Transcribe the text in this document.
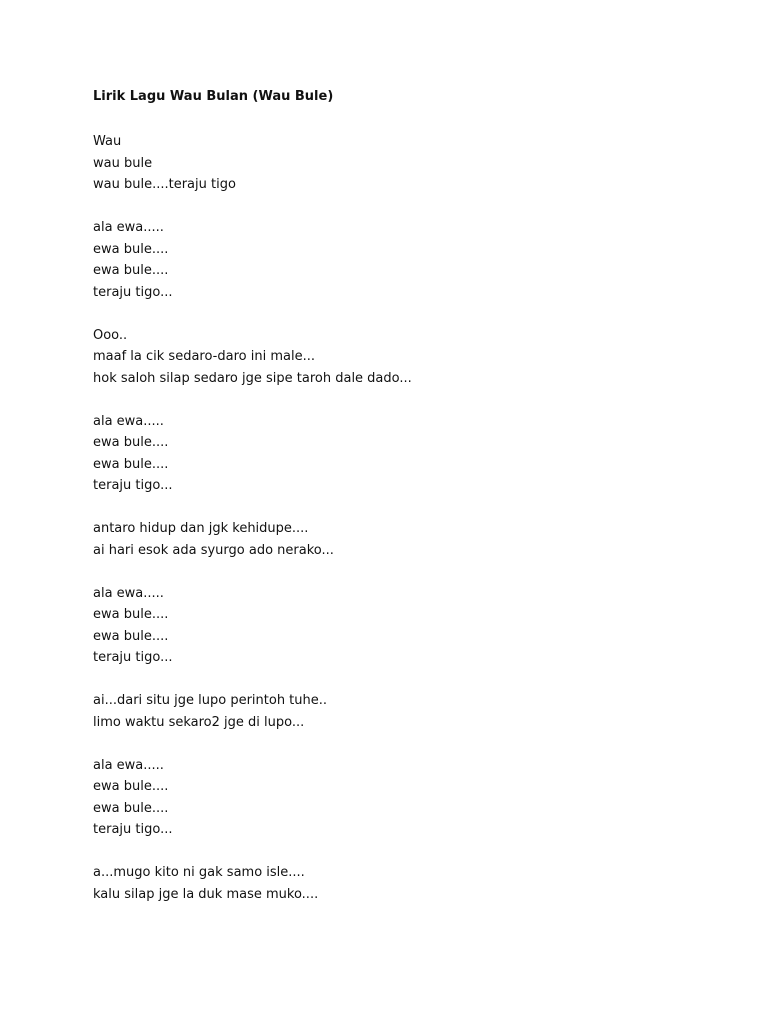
Lirik Lagu Wau Bulan (Wau Bule)
Wau
wau bule
wau bule....teraju tigo
ala ewa.....
ewa bule....
ewa bule....
teraju tigo...
Ooo..
maaf la cik sedaro-daro ini male...
hok saloh silap sedaro jge sipe taroh dale dado...
ala ewa.....
ewa bule....
ewa bule....
teraju tigo...
antaro hidup dan jgk kehidupe....
ai hari esok ada syurgo ado nerako...
ala ewa.....
ewa bule....
ewa bule....
teraju tigo...
ai...dari situ jge lupo perintoh tuhe..
limo waktu sekaro2 jge di lupo...
ala ewa.....
ewa bule....
ewa bule....
teraju tigo...
a...mugo kito ni gak samo isle....
kalu silap jge la duk mase muko....
